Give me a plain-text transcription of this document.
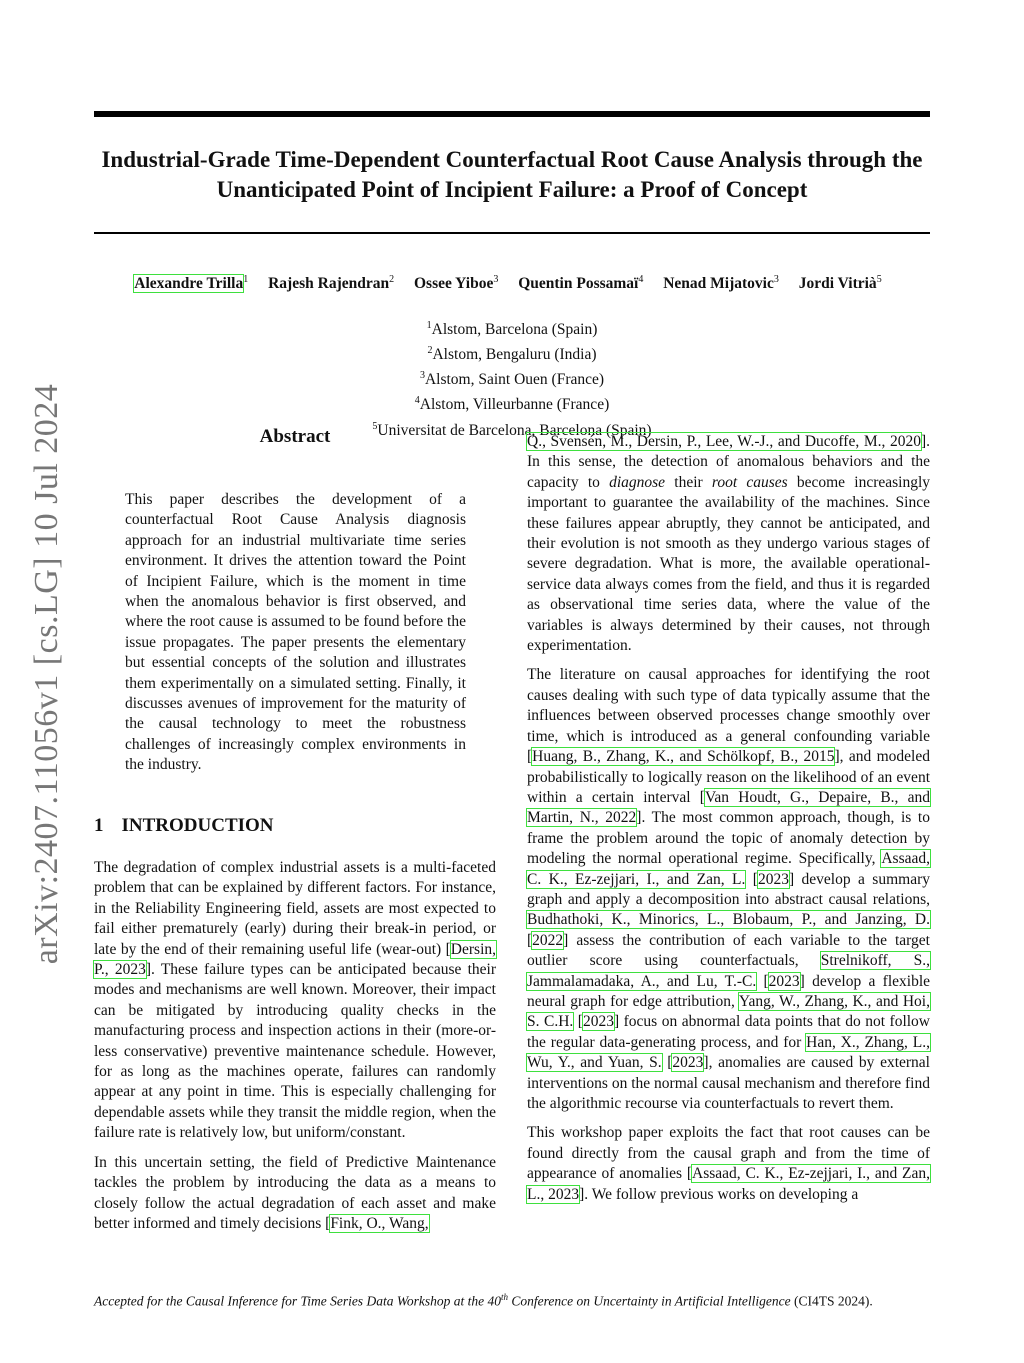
Industrial-Grade Time-Dependent Counterfactual Root Cause Analysis through the Unanticipated Point of Incipient Failure: a Proof of Concept
Alexandre Trilla$^1$ Rajesh Rajendran$^2$ Ossee Yiboe$^3$ Quentin Possamaï$^4$ Nenad Mijatovic$^3$ Jordi Vitrià$^5$
$^1$Alstom, Barcelona (Spain)
$^2$Alstom, Bengaluru (India)
$^3$Alstom, Saint Ouen (France)
$^4$Alstom, Villeurbanne (France)
$^5$Universitat de Barcelona, Barcelona (Spain)
arXiv:2407.11056v1 [cs.LG] 10 Jul 2024	Abstract
This paper describes the development of a counterfactual Root Cause Analysis diagnosis approach for an industrial multivariate time series environment. It drives the attention toward the Point of Incipient Failure, which is the moment in time when the anomalous behavior is first observed, and where the root cause is assumed to be found before the issue propagates. The paper presents the elementary but essential concepts of the solution and illustrates them experimentally on a simulated setting. Finally, it discusses avenues of improvement for the maturity of the causal technology to meet the robustness challenges of increasingly complex environments in the industry.
1 INTRODUCTION

The degradation of complex industrial assets is a multi-faceted problem that can be explained by different factors. For instance, in the Reliability Engineering field, assets are most expected to fail either prematurely (early) during their break-in period, or late by the end of their remaining useful life (wear-out) [Dersin, P., 2023]. These failure types can be anticipated because their modes and mechanisms are well known. Moreover, their impact can be mitigated by introducing quality checks in the manufacturing process and inspection actions in their (more-or-less conservative) preventive maintenance schedule. However, for as long as the machines operate, failures can randomly appear at any point in time. This is especially challenging for dependable assets while they transit the middle region, when the failure rate is relatively low, but uniform/constant.

In this uncertain setting, the field of Predictive Maintenance tackles the problem by introducing the data as a means to closely follow the actual degradation of each asset and make better informed and timely decisions [Fink, O., Wang,

Q., Svensén, M., Dersin, P., Lee, W.-J., and Ducoffe, M., 2020]. In this sense, the detection of anomalous behaviors and the capacity to diagnose their root causes become increasingly important to guarantee the availability of the machines. Since these failures appear abruptly, they cannot be anticipated, and their evolution is not smooth as they undergo various stages of severe degradation. What is more, the available operational-service data always comes from the field, and thus it is regarded as observational time series data, where the value of the variables is always determined by their causes, not through experimentation.

The literature on causal approaches for identifying the root causes dealing with such type of data typically assume that the influences between observed processes change smoothly over time, which is introduced as a general confounding variable [Huang, B., Zhang, K., and Schölkopf, B., 2015], and modeled probabilistically to logically reason on the likelihood of an event within a certain interval [Van Houdt, G., Depaire, B., and Martin, N., 2022]. The most common approach, though, is to frame the problem around the topic of anomaly detection by modeling the normal operational regime. Specifically, Assaad, C. K., Ez-zejjari, I., and Zan, L. [2023] develop a summary graph and apply a decomposition into abstract causal relations, Budhathoki, K., Minorics, L., Blobaum, P., and Janzing, D. [2022] assess the contribution of each variable to the target outlier score using counterfactuals, Strelnikoff, S., Jammalamadaka, A., and Lu, T.-C. [2023] develop a flexible neural graph for edge attribution, Yang, W., Zhang, K., and Hoi, S. C.H. [2023] focus on abnormal data points that do not follow the regular data-generating process, and for Han, X., Zhang, L., Wu, Y., and Yuan, S. [2023], anomalies are caused by external interventions on the normal causal mechanism and therefore find the algorithmic recourse via counterfactuals to revert them.

This workshop paper exploits the fact that root causes can be found directly from the causal graph and from the time of appearance of anomalies [Assaad, C. K., Ez-zejjari, I., and Zan, L., 2023]. We follow previous works on developing a

Accepted for the Causal Inference for Time Series Data Workshop at the 40th Conference on Uncertainty in Artificial Intelligence (CI4TS 2024).
